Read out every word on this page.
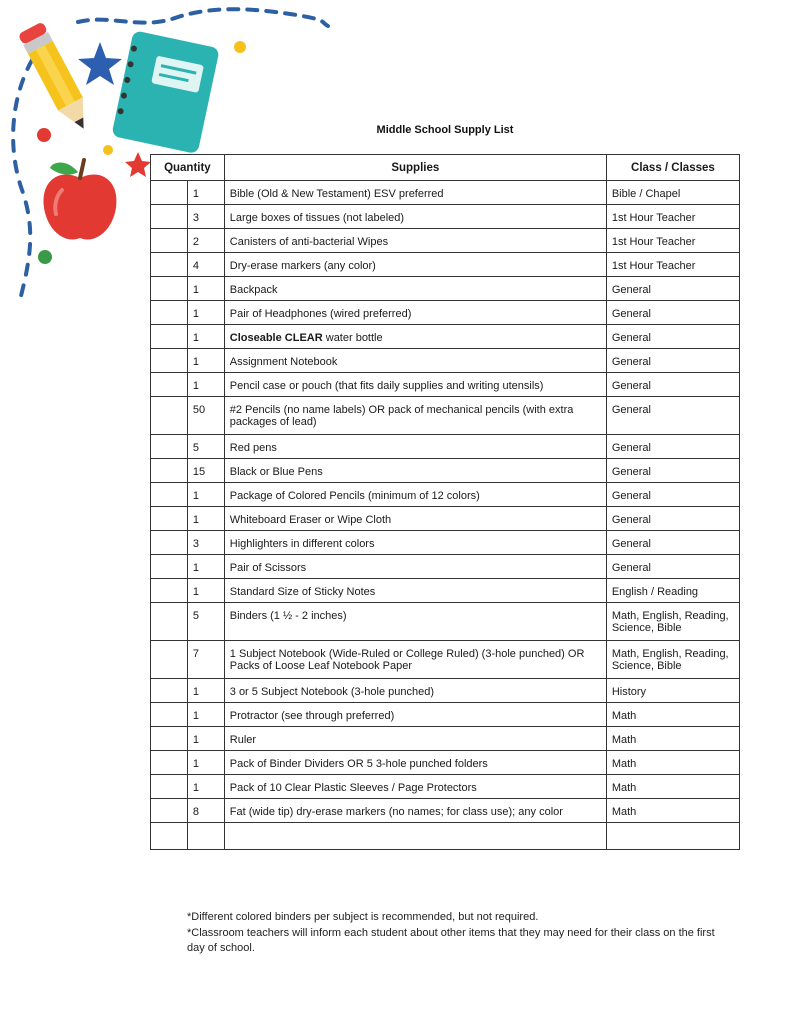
Middle School Supply List
Quantity		Supplies	Class / Classes
	1	Bible (Old & New Testament) ESV preferred	Bible / Chapel
	3	Large boxes of tissues (not labeled)	1st Hour Teacher
	2	Canisters of anti-bacterial Wipes	1st Hour Teacher
	4	Dry-erase markers (any color)	1st Hour Teacher
	1	Backpack	General
	1	Pair of Headphones (wired preferred)	General
	1	Closeable CLEAR water bottle	General
	1	Assignment Notebook	General
	1	Pencil case or pouch (that fits daily supplies and writing utensils)	General
	50	#2 Pencils (no name labels) OR pack of mechanical pencils (with extra packages of lead)	General
	5	Red pens	General
	15	Black or Blue Pens	General
	1	Package of Colored Pencils (minimum of 12 colors)	General
	1	Whiteboard Eraser or Wipe Cloth	General
	3	Highlighters in different colors	General
	1	Pair of Scissors	General
	1	Standard Size of Sticky Notes	English / Reading
	5	Binders (1 ½ - 2 inches)	Math, English, Reading, Science, Bible
	7	1 Subject Notebook (Wide-Ruled or College Ruled) (3-hole punched) OR Packs of Loose Leaf Notebook Paper	Math, English, Reading, Science, Bible
	1	3 or 5 Subject Notebook (3-hole punched)	History
	1	Protractor (see through preferred)	Math
	1	Ruler	Math
	1	Pack of Binder Dividers OR 5 3-hole punched folders	Math
	1	Pack of 10 Clear Plastic Sleeves / Page Protectors	Math
	8	Fat (wide tip) dry-erase markers (no names; for class use); any color	Math

*Different colored binders per subject is recommended, but not required.

*Classroom teachers will inform each student about other items that they may need for their class on the first day of school.
